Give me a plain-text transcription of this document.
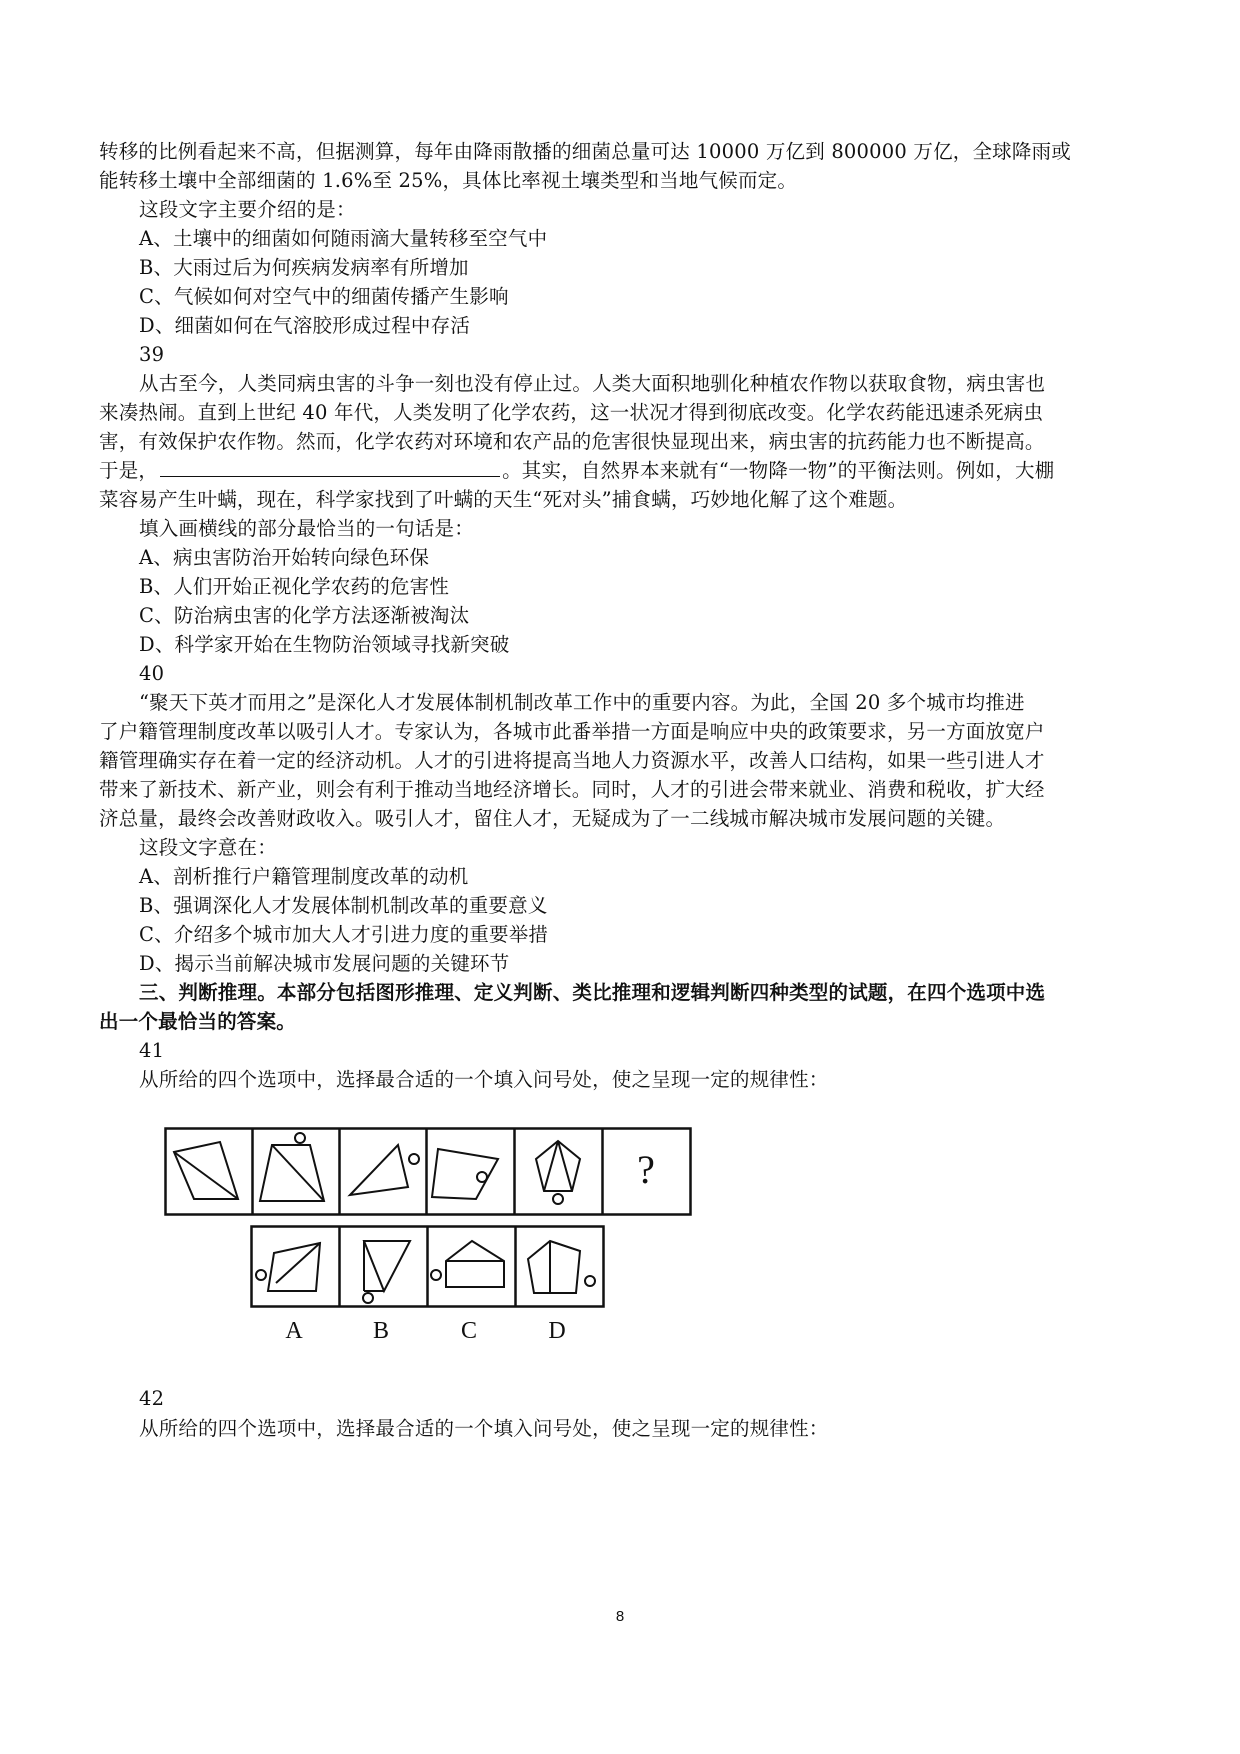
转移的比例看起来不高，但据测算，每年由降雨散播的细菌总量可达 10000 万亿到 800000 万亿，全球降雨或
能转移土壤中全部细菌的 1.6%至 25%，具体比率视土壤类型和当地气候而定。
这段文字主要介绍的是：
A、土壤中的细菌如何随雨滴大量转移至空气中
B、大雨过后为何疾病发病率有所增加
C、气候如何对空气中的细菌传播产生影响
D、细菌如何在气溶胶形成过程中存活
39
从古至今，人类同病虫害的斗争一刻也没有停止过。人类大面积地驯化种植农作物以获取食物，病虫害也
来凑热闹。直到上世纪 40 年代，人类发明了化学农药，这一状况才得到彻底改变。化学农药能迅速杀死病虫
害，有效保护农作物。然而，化学农药对环境和农产品的危害很快显现出来，病虫害的抗药能力也不断提高。
于是，	。其实，自然界本来就有“一物降一物”的平衡法则。例如，大棚
菜容易产生叶螨，现在，科学家找到了叶螨的天生“死对头”捕食螨，巧妙地化解了这个难题。
填入画横线的部分最恰当的一句话是：
A、病虫害防治开始转向绿色环保
B、人们开始正视化学农药的危害性
C、防治病虫害的化学方法逐渐被淘汰
D、科学家开始在生物防治领域寻找新突破
40
“聚天下英才而用之”是深化人才发展体制机制改革工作中的重要内容。为此，全国 20 多个城市均推进
了户籍管理制度改革以吸引人才。专家认为，各城市此番举措一方面是响应中央的政策要求，另一方面放宽户
籍管理确实存在着一定的经济动机。人才的引进将提高当地人力资源水平，改善人口结构，如果一些引进人才
带来了新技术、新产业，则会有利于推动当地经济增长。同时，人才的引进会带来就业、消费和税收，扩大经
济总量，最终会改善财政收入。吸引人才，留住人才，无疑成为了一二线城市解决城市发展问题的关键。
这段文字意在：
A、剖析推行户籍管理制度改革的动机
B、强调深化人才发展体制机制改革的重要意义
C、介绍多个城市加大人才引进力度的重要举措
D、揭示当前解决城市发展问题的关键环节
三、判断推理。本部分包括图形推理、定义判断、类比推理和逻辑判断四种类型的试题，在四个选项中选
出一个最恰当的答案。
41
从所给的四个选项中，选择最合适的一个填入问号处，使之呈现一定的规律性：
?
A	B	C	D
42
从所给的四个选项中，选择最合适的一个填入问号处，使之呈现一定的规律性：
8
